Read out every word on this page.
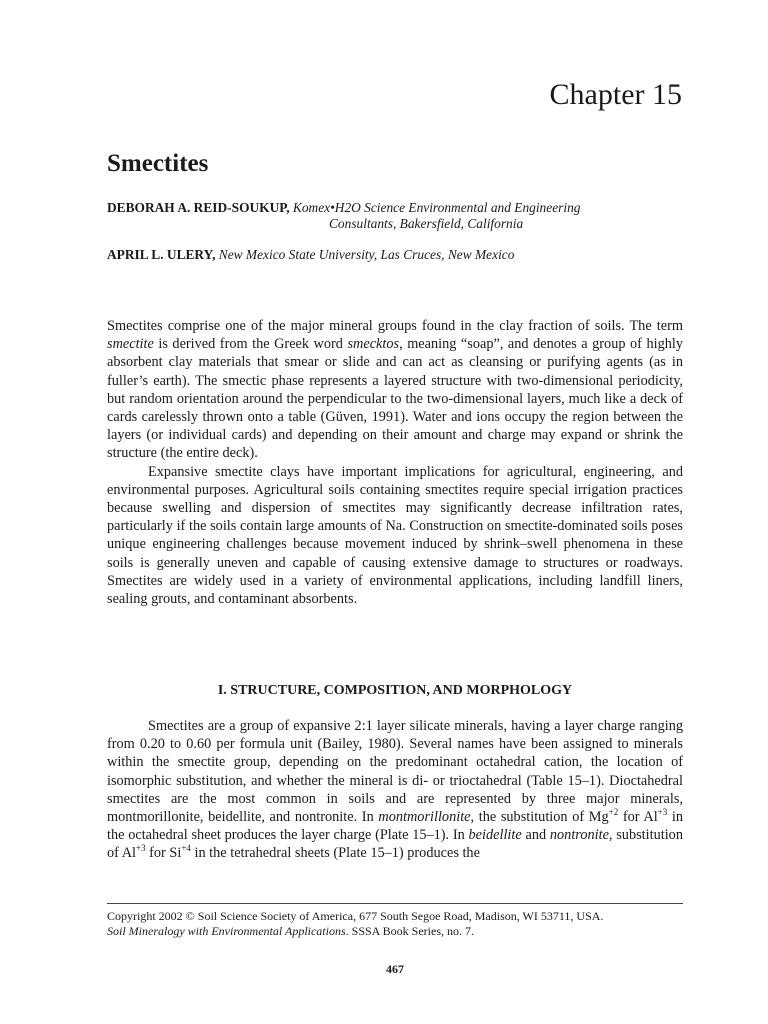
Chapter 15
Smectites
DEBORAH A. REID-SOUKUP, Komex•H2O Science Environmental and Engineering
Consultants, Bakersfield, California
APRIL L. ULERY, New Mexico State University, Las Cruces, New Mexico

Smectites comprise one of the major mineral groups found in the clay fraction of soils. The term smectite is derived from the Greek word smecktos, meaning “soap”, and denotes a group of highly absorbent clay materials that smear or slide and can act as cleansing or purifying agents (as in fuller’s earth). The smectic phase represents a layered structure with two-dimensional periodicity, but random orientation around the perpendicular to the two-dimensional layers, much like a deck of cards carelessly thrown onto a table (Güven, 1991). Water and ions occupy the region between the layers (or individual cards) and depending on their amount and charge may expand or shrink the structure (the entire deck).

Expansive smectite clays have important implications for agricultural, engineering, and environmental purposes. Agricultural soils containing smectites require special irrigation practices because swelling and dispersion of smectites may significantly decrease infiltration rates, particularly if the soils contain large amounts of Na. Construction on smectite-dominated soils poses unique engineering challenges because movement induced by shrink–swell phenomena in these soils is generally uneven and capable of causing extensive damage to structures or roadways. Smectites are widely used in a variety of environmental applications, including landfill liners, sealing grouts, and contaminant absorbents.

I. STRUCTURE, COMPOSITION, AND MORPHOLOGY

Smectites are a group of expansive 2:1 layer silicate minerals, having a layer charge ranging from 0.20 to 0.60 per formula unit (Bailey, 1980). Several names have been assigned to minerals within the smectite group, depending on the predominant octahedral cation, the location of isomorphic substitution, and whether the mineral is di- or trioctahedral (Table 15–1). Dioctahedral smectites are the most common in soils and are represented by three major minerals, montmorillonite, beidellite, and nontronite. In montmorillonite, the substitution of $Mg^{+2}$ for $Al^{+3}$ in the octahedral sheet produces the layer charge (Plate 15–1). In beidellite and nontronite, substitution of $Al^{+3}$ for $Si^{+4}$ in the tetrahedral sheets (Plate 15–1) produces the

Copyright 2002 © Soil Science Society of America, 677 South Segoe Road, Madison, WI 53711, USA.
Soil Mineralogy with Environmental Applications. SSSA Book Series, no. 7.
467
